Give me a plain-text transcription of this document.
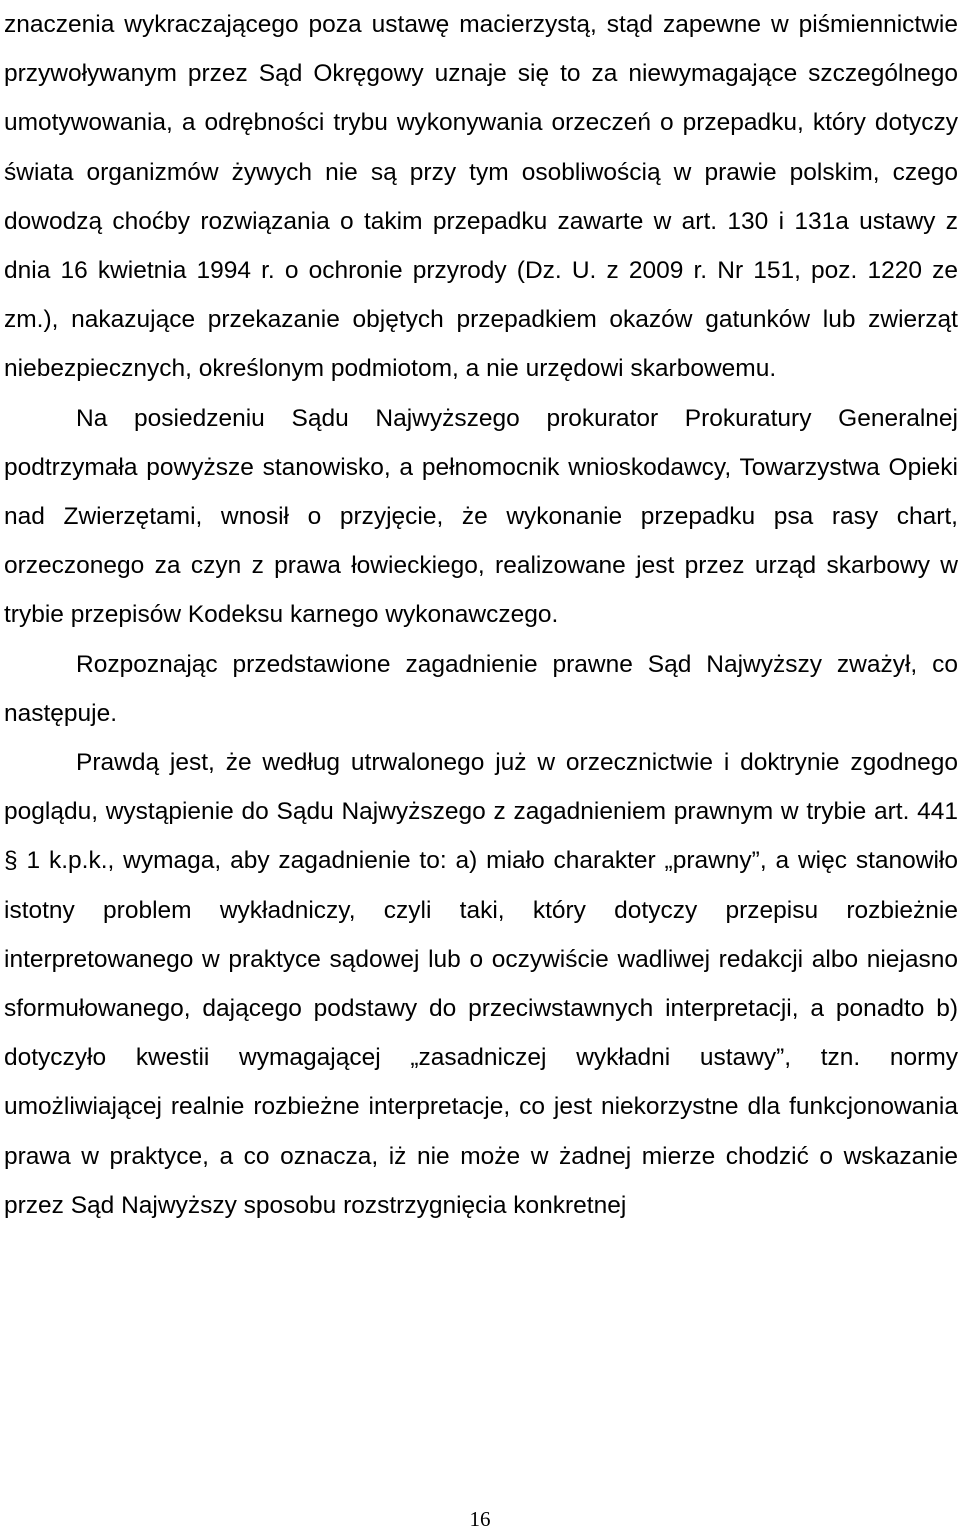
znaczenia wykraczającego poza ustawę macierzystą, stąd zapewne w piśmiennictwie przywoływanym przez Sąd Okręgowy uznaje się to za niewymagające szczególnego umotywowania, a odrębności trybu wykonywania orzeczeń o przepadku, który dotyczy świata organizmów żywych nie są przy tym osobliwością w prawie polskim, czego dowodzą choćby rozwiązania o takim przepadku zawarte w art. 130 i 131a ustawy z dnia 16 kwietnia 1994 r. o ochronie przyrody (Dz. U. z 2009 r. Nr 151, poz. 1220 ze zm.), nakazujące przekazanie objętych przepadkiem okazów gatunków lub zwierząt niebezpiecznych, określonym podmiotom, a nie urzędowi skarbowemu.

Na posiedzeniu Sądu Najwyższego prokurator Prokuratury Generalnej podtrzymała powyższe stanowisko, a pełnomocnik wnioskodawcy, Towarzystwa Opieki nad Zwierzętami, wnosił o przyjęcie, że wykonanie przepadku psa rasy chart, orzeczonego za czyn z prawa łowieckiego, realizowane jest przez urząd skarbowy w trybie przepisów Kodeksu karnego wykonawczego.

Rozpoznając przedstawione zagadnienie prawne Sąd Najwyższy zważył, co następuje.

Prawdą jest, że według utrwalonego już w orzecznictwie i doktrynie zgodnego poglądu, wystąpienie do Sądu Najwyższego z zagadnieniem prawnym w trybie art. 441 § 1 k.p.k., wymaga, aby zagadnienie to: a) miało charakter „prawny”, a więc stanowiło istotny problem wykładniczy, czyli taki, który dotyczy przepisu rozbieżnie interpretowanego w praktyce sądowej lub o oczywiście wadliwej redakcji albo niejasno sformułowanego, dającego podstawy do przeciwstawnych interpretacji, a ponadto b) dotyczyło kwestii wymagającej „zasadniczej wykładni ustawy”, tzn. normy umożliwiającej realnie rozbieżne interpretacje, co jest niekorzystne dla funkcjonowania prawa w praktyce, a co oznacza, iż nie może w żadnej mierze chodzić o wskazanie przez Sąd Najwyższy sposobu rozstrzygnięcia konkretnej

16
